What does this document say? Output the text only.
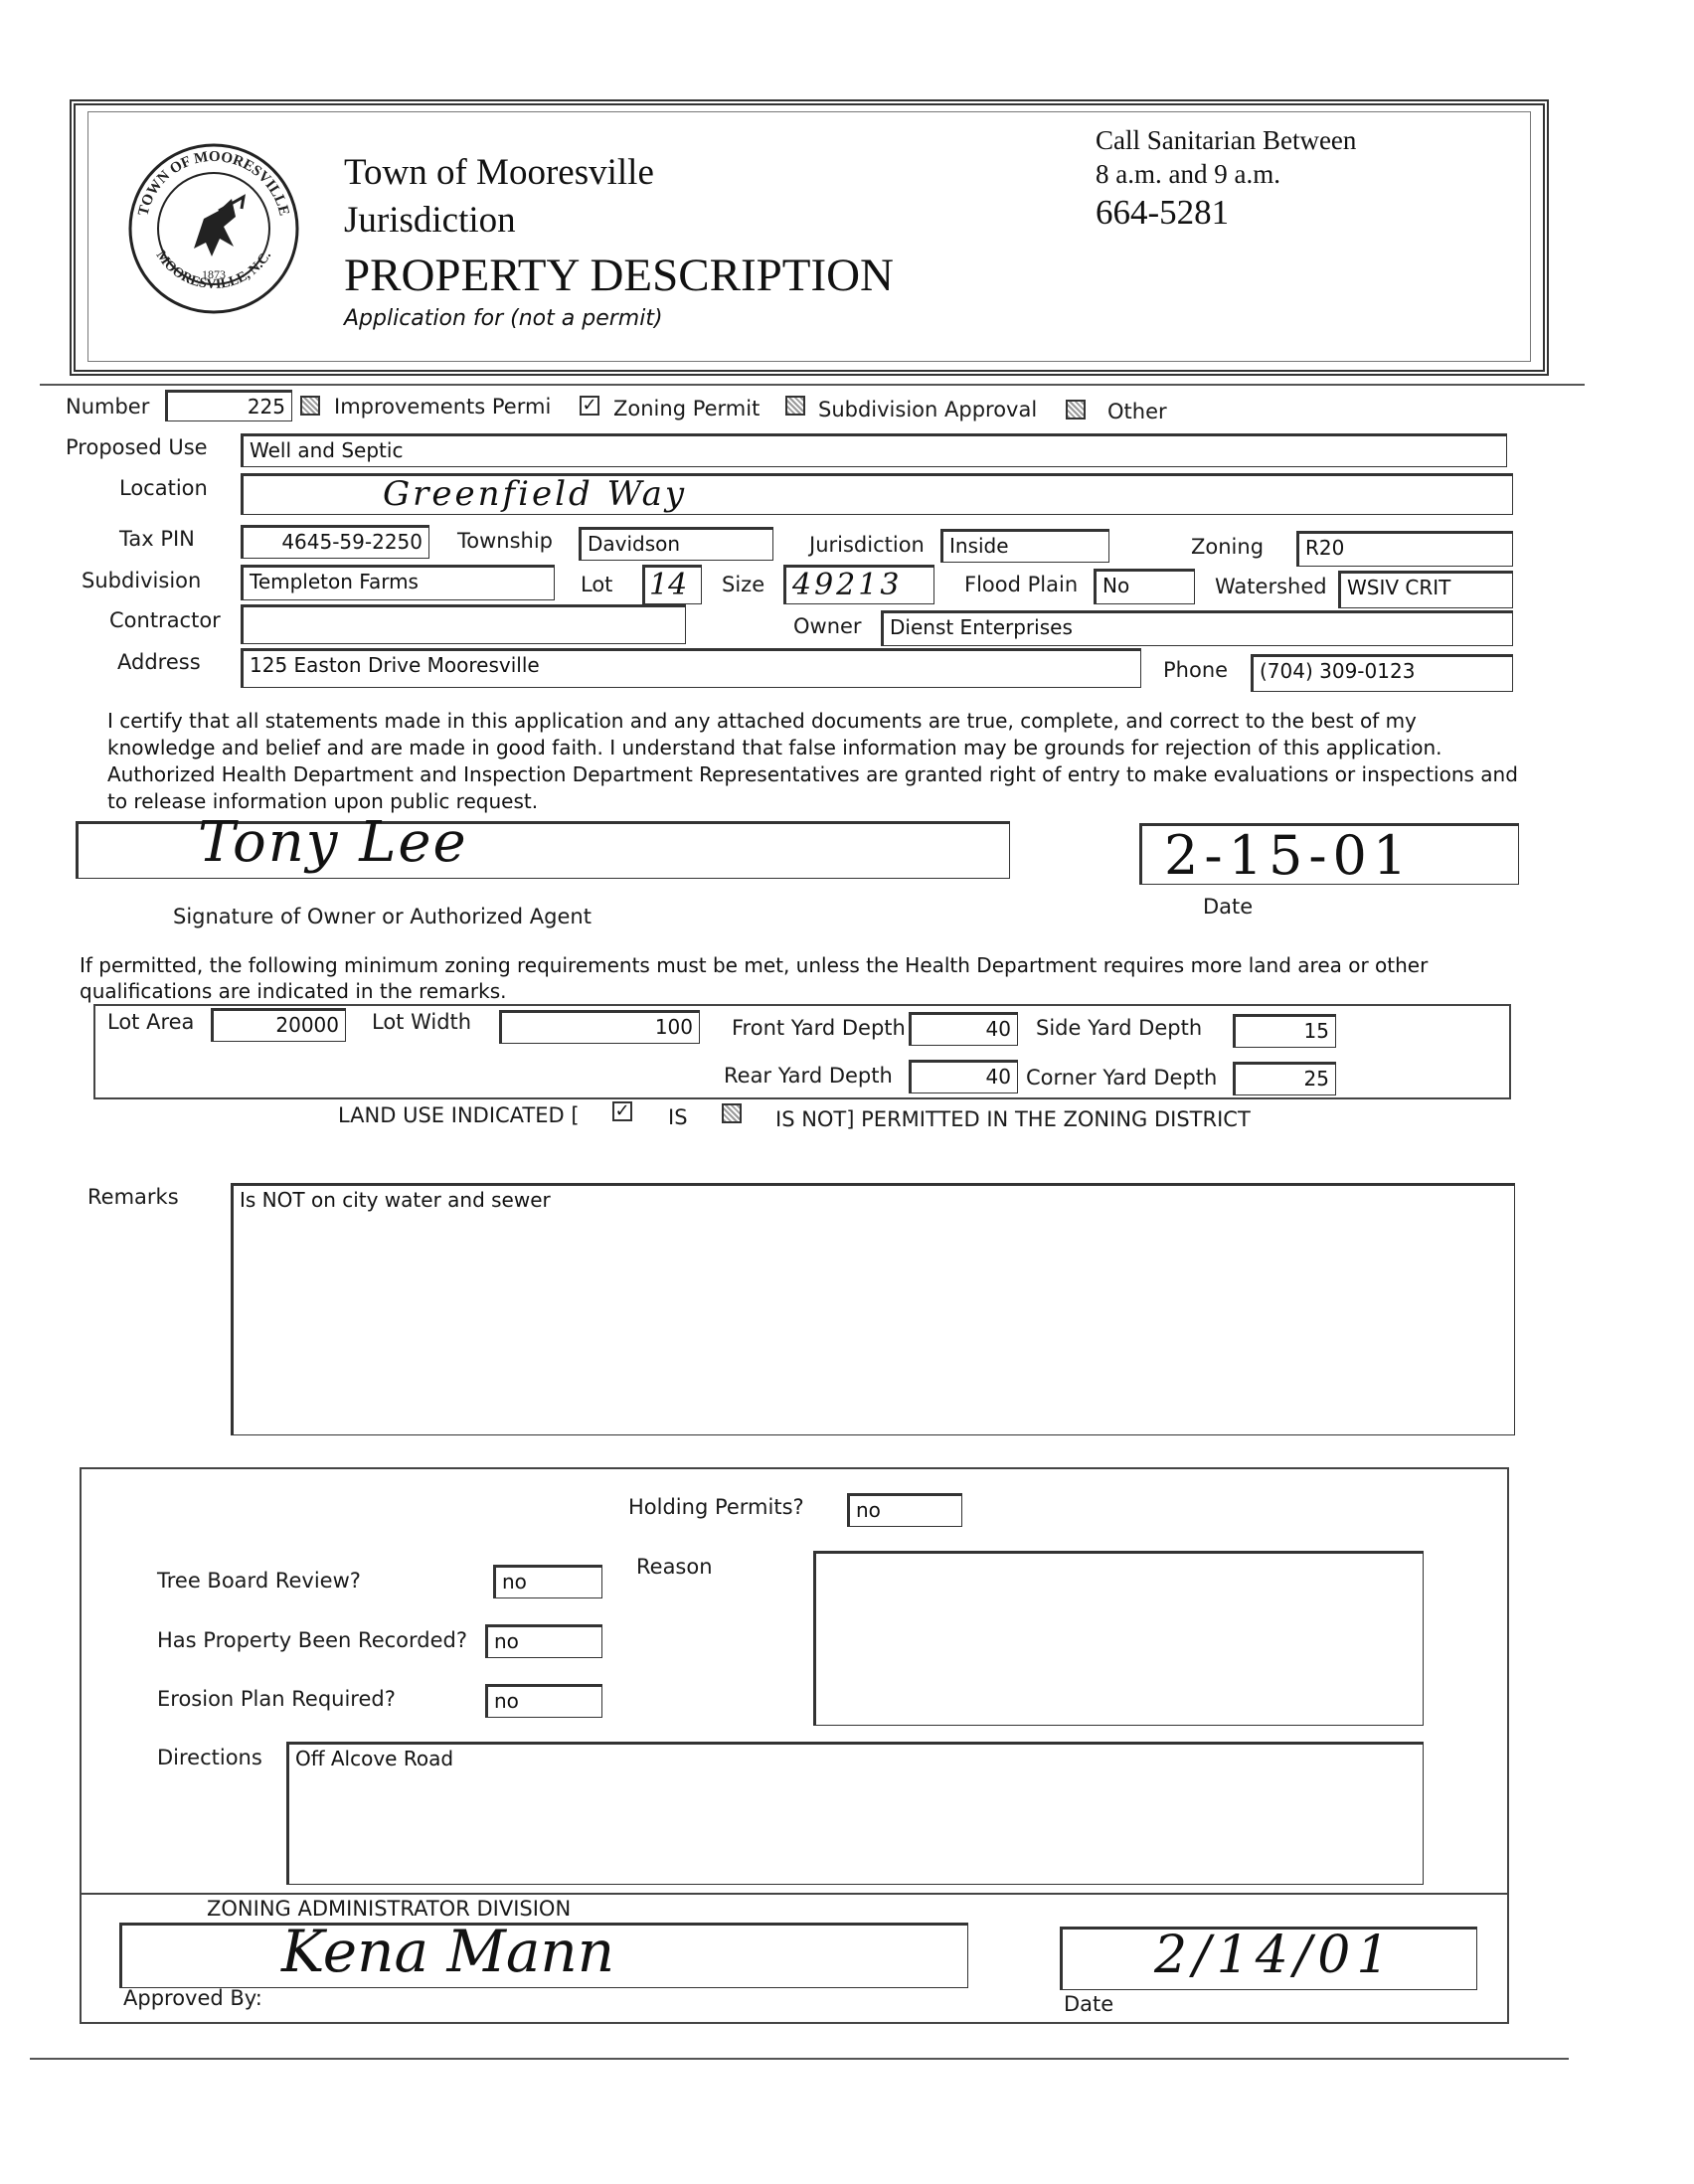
TOWN OF MOORESVILLE
MOORESVILLE, N.C.
1873
Town of Mooresville
Jurisdiction
PROPERTY DESCRIPTION
Application for (not a permit)
Call Sanitarian Between
8 a.m. and 9 a.m.
664-5281
Number	225	Improvements Permi ✓ Zoning Permit	Subdivision Approval	Other
Proposed Use	Well and Septic
Location	Greenfield Way
Tax PIN	4645-59-2250	Township	Davidson	Jurisdiction	Inside	Zoning	R20
Subdivision	Templeton Farms	Lot 14	Size 49213	Flood Plain	No	Watershed	WSIV CRIT
Contractor	Owner	Dienst Enterprises
Address	125 Easton Drive Mooresville	Phone	(704) 309-0123
I certify that all statements made in this application and any attached documents are true, complete, and correct to the best of my knowledge and belief and are made in good faith. I understand that false information may be grounds for rejection of this application. Authorized Health Department and Inspection Department Representatives are granted right of entry to make evaluations or inspections and to release information upon public request.
Tony Lee
Signature of Owner or Authorized Agent
2-15-01
Date
If permitted, the following minimum zoning requirements must be met, unless the Health Department requires more land area or other qualifications are indicated in the remarks.
Lot Area	20000	Lot Width	100	Front Yard Depth	40	Side Yard Depth	15
Rear Yard Depth	40 Corner Yard Depth	25
LAND USE INDICATED [ ✓ IS	IS NOT] PERMITTED IN THE ZONING DISTRICT
Remarks	Is NOT on city water and sewer
Holding Permits?	no
Reason
Tree Board Review?	no
Has Property Been Recorded?	no
Erosion Plan Required?	no
Directions	Off Alcove Road
ZONING ADMINISTRATOR DIVISION
Kena Mann
Approved By:
2/14/01
Date
